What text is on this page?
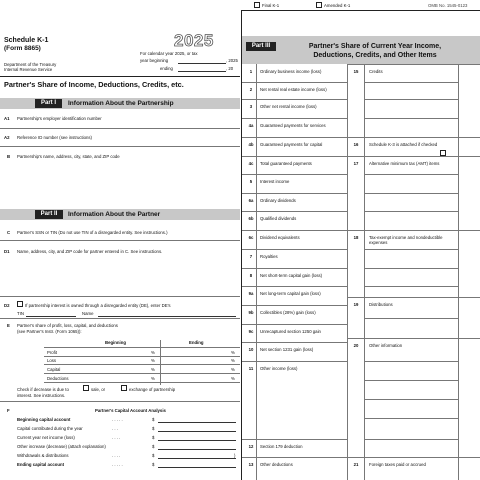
Final K-1	Amended K-1	OMB No. 1545-0123
Schedule K-1
(Form 8865)	2025
For calendar year 2025, or tax
year beginning	, 2025
ending	, 20
Department of the Treasury
Internal Revenue Service
Partner's Share of Income, Deductions, Credits, etc.
Part I	Information About the Partnership
A1 Partnership's employer identification number
A2 Reference ID number (see instructions)
B Partnership's name, address, city, state, and ZIP code
Part II	Information About the Partner
C Partner's SSN or TIN (Do not use TIN of a disregarded entity. See instructions.)
D1 Name, address, city, and ZIP code for partner entered in C. See instructions.
D2	If partnership interest is owned through a disregarded entity (DE), enter DE's
TIN	Name
E Partner's share of profit, loss, capital, and deductions
(see Partner's Instr. (Form 1065)):
Beginning	Ending
Profit	%	%
Loss	%	%
Capital	%	%
Deductions	%	%
Check if decrease is due to	sale, or	exchange of partnership
interest. See instructions.
F	Partner's Capital Account Analysis
Beginning capital account	. . . . .	$
Capital contributed during the year	. . .	$
Current year net income (loss)	. . . .	$
Other increase (decrease) (attach explanation)	$
Withdrawals & distributions	. . . .	$	)
Ending capital account	. . . . .	$
Part III	Partner's Share of Current Year Income,
Deductions, Credits, and Other Items
1	Ordinary business income (loss)
2	Net rental real estate income (loss)
3	Other net rental income (loss)
4a	Guaranteed payments for services
4b	Guaranteed payments for capital
4c	Total guaranteed payments
5	Interest income
6a	Ordinary dividends
6b	Qualified dividends
6c	Dividend equivalents
7	Royalties
8	Net short-term capital gain (loss)
9a	Net long-term capital gain (loss)
9b	Collectibles (28%) gain (loss)
9c	Unrecaptured section 1250 gain
10	Net section 1231 gain (loss)
11	Other income (loss)
12	Section 179 deduction
13	Other deductions
15	Credits
16	Schedule K-3 is attached if checked
17	Alternative minimum tax (AMT) items
18	Tax-exempt income and nondeductible expenses
19	Distributions
20	Other information
21	Foreign taxes paid or accrued
